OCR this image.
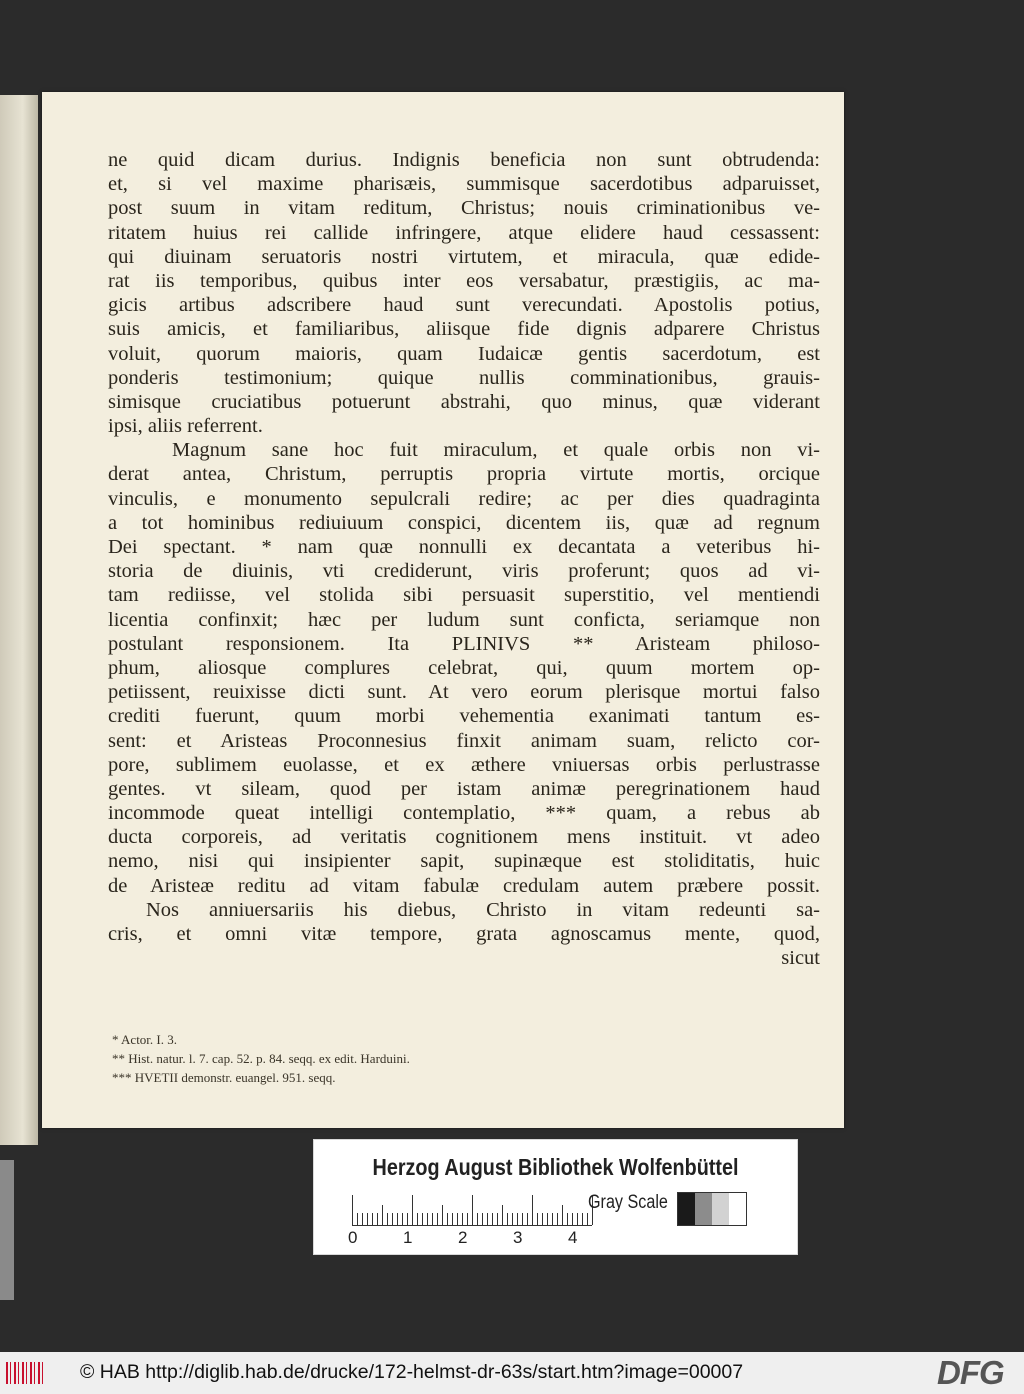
ne quid dicam durius. Indignis beneficia non sunt obtrudenda:
et, si vel maxime pharisæis, summisque sacerdotibus adparuisset,
post suum in vitam reditum, Christus; nouis criminationibus ve-
ritatem huius rei callide infringere, atque elidere haud cessassent:
qui diuinam seruatoris nostri virtutem, et miracula, quæ edide-
rat iis temporibus, quibus inter eos versabatur, præstigiis, ac ma-
gicis artibus adscribere haud sunt verecundati. Apostolis potius,
suis amicis, et familiaribus, aliisque fide dignis adparere Christus
voluit, quorum maioris, quam Iudaicæ gentis sacerdotum, est
ponderis testimonium; quique nullis comminationibus, grauis-
simisque cruciatibus potuerunt abstrahi, quo minus, quæ viderant
ipsi, aliis referrent.
Magnum sane hoc fuit miraculum, et quale orbis non vi-
derat antea, Christum, perruptis propria virtute mortis, orcique
vinculis, e monumento sepulcrali redire; ac per dies quadraginta
a tot hominibus rediuiuum conspici, dicentem iis, quæ ad regnum
Dei spectant. * nam quæ nonnulli ex decantata a veteribus hi-
storia de diuinis, vti crediderunt, viris proferunt; quos ad vi-
tam rediisse, vel stolida sibi persuasit superstitio, vel mentiendi
licentia confinxit; hæc per ludum sunt conficta, seriamque non
postulant responsionem. Ita PLINIVS ** Aristeam philoso-
phum, aliosque complures celebrat, qui, quum mortem op-
petiissent, reuixisse dicti sunt. At vero eorum plerisque mortui falso
crediti fuerunt, quum morbi vehementia exanimati tantum es-
sent: et Aristeas Proconnesius finxit animam suam, relicto cor-
pore, sublimem euolasse, et ex æthere vniuersas orbis perlustrasse
gentes. vt sileam, quod per istam animæ peregrinationem haud
incommode queat intelligi contemplatio, *** quam, a rebus ab
ducta corporeis, ad veritatis cognitionem mens instituit. vt adeo
nemo, nisi qui insipienter sapit, supinæque est stoliditatis, huic
de Aristeæ reditu ad vitam fabulæ credulam autem præbere possit.
Nos anniuersariis his diebus, Christo in vitam redeunti sa-
cris, et omni vitæ tempore, grata agnoscamus mente, quod,
sicut
* Actor. I. 3.
** Hist. natur. l. 7. cap. 52. p. 84. seqq. ex edit. Harduini.
*** HVETII demonstr. euangel. 951. seqq.
Herzog August Bibliothek Wolfenbüttel
0	1	2	3	4
Gray Scale
© HAB http://diglib.hab.de/drucke/172-helmst-dr-63s/start.htm?image=00007	DFG
